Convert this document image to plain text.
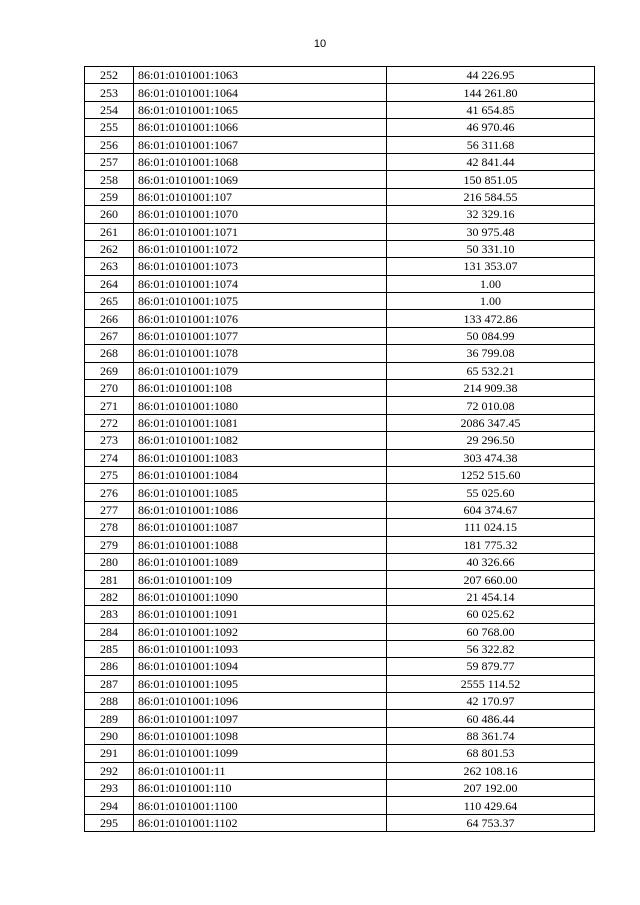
10
252	86:01:0101001:1063	44 226.95
253	86:01:0101001:1064	144 261.80
254	86:01:0101001:1065	41 654.85
255	86:01:0101001:1066	46 970.46
256	86:01:0101001:1067	56 311.68
257	86:01:0101001:1068	42 841.44
258	86:01:0101001:1069	150 851.05
259	86:01:0101001:107	216 584.55
260	86:01:0101001:1070	32 329.16
261	86:01:0101001:1071	30 975.48
262	86:01:0101001:1072	50 331.10
263	86:01:0101001:1073	131 353.07
264	86:01:0101001:1074	1.00
265	86:01:0101001:1075	1.00
266	86:01:0101001:1076	133 472.86
267	86:01:0101001:1077	50 084.99
268	86:01:0101001:1078	36 799.08
269	86:01:0101001:1079	65 532.21
270	86:01:0101001:108	214 909.38
271	86:01:0101001:1080	72 010.08
272	86:01:0101001:1081	2086 347.45
273	86:01:0101001:1082	29 296.50
274	86:01:0101001:1083	303 474.38
275	86:01:0101001:1084	1252 515.60
276	86:01:0101001:1085	55 025.60
277	86:01:0101001:1086	604 374.67
278	86:01:0101001:1087	111 024.15
279	86:01:0101001:1088	181 775.32
280	86:01:0101001:1089	40 326.66
281	86:01:0101001:109	207 660.00
282	86:01:0101001:1090	21 454.14
283	86:01:0101001:1091	60 025.62
284	86:01:0101001:1092	60 768.00
285	86:01:0101001:1093	56 322.82
286	86:01:0101001:1094	59 879.77
287	86:01:0101001:1095	2555 114.52
288	86:01:0101001:1096	42 170.97
289	86:01:0101001:1097	60 486.44
290	86:01:0101001:1098	88 361.74
291	86:01:0101001:1099	68 801.53
292	86:01:0101001:11	262 108.16
293	86:01:0101001:110	207 192.00
294	86:01:0101001:1100	110 429.64
295	86:01:0101001:1102	64 753.37
